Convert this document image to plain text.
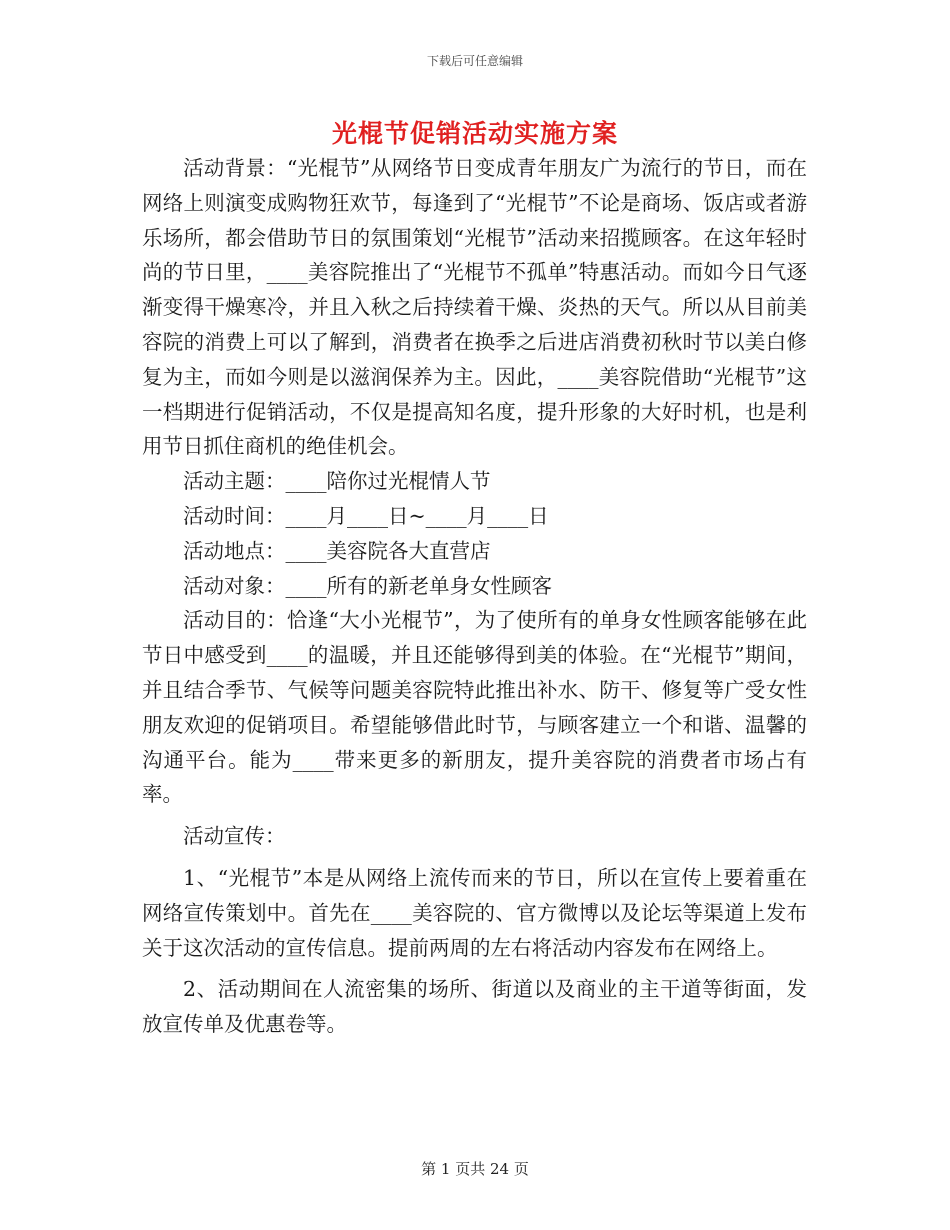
下载后可任意编辑
光棍节促销活动实施方案

活动背景：“光棍节”从网络节日变成青年朋友广为流行的节日，而在网络上则演变成购物狂欢节，每逢到了“光棍节”不论是商场、饭店或者游乐场所，都会借助节日的氛围策划“光棍节”活动来招揽顾客。在这年轻时尚的节日里，____美容院推出了“光棍节不孤单”特惠活动。而如今日气逐渐变得干燥寒冷，并且入秋之后持续着干燥、炎热的天气。所以从目前美容院的消费上可以了解到，消费者在换季之后进店消费初秋时节以美白修复为主，而如今则是以滋润保养为主。因此，____美容院借助“光棍节”这一档期进行促销活动，不仅是提高知名度，提升形象的大好时机，也是利用节日抓住商机的绝佳机会。

活动主题：____陪你过光棍情人节

活动时间：____月____日~____月____日

活动地点：____美容院各大直营店

活动对象：____所有的新老单身女性顾客

活动目的：恰逢“大小光棍节”，为了使所有的单身女性顾客能够在此节日中感受到____的温暖，并且还能够得到美的体验。在“光棍节”期间，并且结合季节、气候等问题美容院特此推出补水、防干、修复等广受女性朋友欢迎的促销项目。希望能够借此时节，与顾客建立一个和谐、温馨的沟通平台。能为____带来更多的新朋友，提升美容院的消费者市场占有率。

活动宣传：

1、“光棍节”本是从网络上流传而来的节日，所以在宣传上要着重在网络宣传策划中。首先在____美容院的、官方微博以及论坛等渠道上发布关于这次活动的宣传信息。提前两周的左右将活动内容发布在网络上。

2、活动期间在人流密集的场所、街道以及商业的主干道等街面，发放宣传单及优惠卷等。

第 1 页共 24 页
